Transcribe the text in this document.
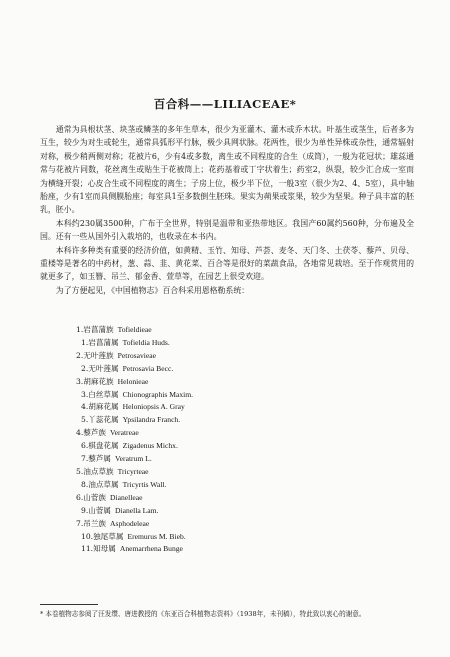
百合科——LILIACEAE*

通常为具根状茎、块茎或鳞茎的多年生草本，很少为亚灌木、灌木或乔木状。叶基生或茎生，后者多为互生，较少为对生或轮生，通常具弧形平行脉，极少具网状脉。花两性，很少为单性异株或杂性，通常辐射对称，极少稍两侧对称；花被片6，少有4或多数，离生或不同程度的合生（成筒），一般为花冠状；雄蕊通常与花被片同数，花丝离生或贴生于花被筒上；花药基着或丁字状着生；药室2，纵裂，较少汇合成一室而为横缝开裂；心皮合生或不同程度的离生；子房上位，极少半下位，一般3室（很少为2、4、5室），具中轴胎座，少有1室而具侧膜胎座；每室具1至多数倒生胚珠。果实为蒴果或浆果，较少为坚果。种子具丰富的胚乳，胚小。

本科约230属3500种，广布于全世界，特别是温带和亚热带地区。我国产60属约560种，分布遍及全国。还有一些从国外引入栽培的，也收录在本书内。

本科许多种类有重要的经济价值，如黄精、玉竹、知母、芦荟、麦冬、天门冬、土茯苓、藜芦、贝母、重楼等是著名的中药材，葱、蒜、韭、黄花菜、百合等是很好的菜蔬食品，各地常见栽培。至于作观赏用的就更多了，如玉簪、吊兰、郁金香、萱草等，在园艺上很受欢迎。

为了方便起见，《中国植物志》百合科采用恩格勒系统：

1.岩菖蒲族 Tofieldieae
1.岩菖蒲属 Tofieldia Huds.
2.无叶莲族 Petrosavieae
2.无叶莲属 Petrosavia Becc.
3.胡麻花族 Helonieae
3.白丝草属 Chionographis Maxim.
4.胡麻花属 Heloniopsis A. Gray
5.丫蕊花属 Ypsilandra Franch.
4.藜芦族 Veratreae
6.棋盘花属 Zigadenus Michx.
7.藜芦属 Veratrum L.
5.油点草族 Tricyrteae
8.油点草属 Tricyrtis Wall.
6.山菅族 Dianelleae
9.山菅属 Dianella Lam.
7.吊兰族 Asphodeleae
10.独尾草属 Eremurus M. Bieb.
11.知母属 Anemarrhena Bunge
* 本卷植物志参阅了汪发缵、唐进教授的《东亚百合科植物志资料》（1938年，未刊稿），特此致以衷心的谢意。
